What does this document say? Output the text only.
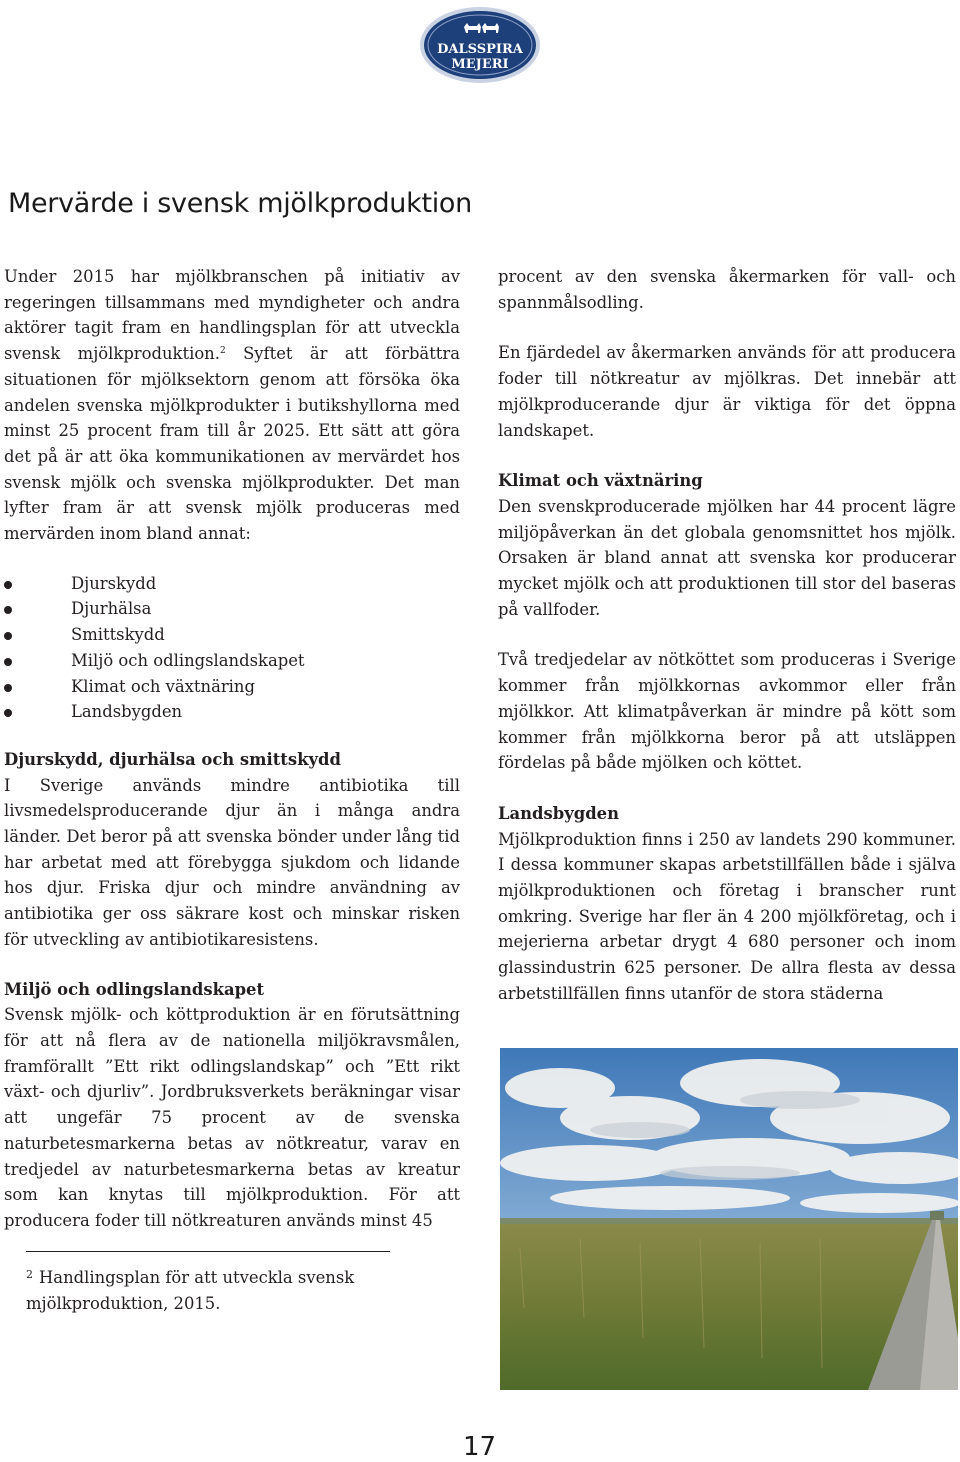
DALSSPIRA
MEJERI
Mervärde i svensk mjölkproduktion

Under 2015 har mjölkbranschen på initiativ av regeringen tillsammans med myndigheter och andra aktörer tagit fram en handlingsplan för att utveckla svensk mjölkproduktion.$^2$ Syftet är att förbättra situationen för mjölksektorn genom att försöka öka andelen svenska mjölkprodukter i butikshyllorna med minst 25 procent fram till år 2025. Ett sätt att göra det på är att öka kommunikationen av mervärdet hos svensk mjölk och svenska mjölkprodukter. Det man lyfter fram är att svensk mjölk produceras med mervärden inom bland annat:

Djurskydd
Djurhälsa
Smittskydd
Miljö och odlingslandskapet
Klimat och växtnäring
Landsbygden
Djurskydd, djurhälsa och smittskydd

I Sverige används mindre antibiotika till livsmedelsproducerande djur än i många andra länder. Det beror på att svenska bönder under lång tid har arbetat med att förebygga sjukdom och lidande hos djur. Friska djur och mindre användning av antibiotika ger oss säkrare kost och minskar risken för utveckling av antibiotikaresistens.

Miljö och odlingslandskapet

Svensk mjölk- och köttproduktion är en förutsättning för att nå flera av de nationella miljökravsmålen, framförallt ”Ett rikt odlingslandskap” och ”Ett rikt växt- och djurliv”. Jordbruksverkets beräkningar visar att ungefär 75 procent av de svenska naturbetesmarkerna betas av nötkreatur, varav en tredjedel av naturbetesmarkerna betas av kreatur som kan knytas till mjölkproduktion. För att producera foder till nötkreaturen används minst 45

$^2$ Handlingsplan för att utveckla svensk mjölkproduktion, 2015.

procent av den svenska åkermarken för vall- och spannmålsodling.

En fjärdedel av åkermarken används för att producera foder till nötkreatur av mjölkras. Det innebär att mjölkproducerande djur är viktiga för det öppna landskapet.

Klimat och växtnäring

Den svenskproducerade mjölken har 44 procent lägre miljöpåverkan än det globala genomsnittet hos mjölk. Orsaken är bland annat att svenska kor producerar mycket mjölk och att produktionen till stor del baseras på vallfoder.

Två tredjedelar av nötköttet som produceras i Sverige kommer från mjölkkornas avkommor eller från mjölkkor. Att klimatpåverkan är mindre på kött som kommer från mjölkkorna beror på att utsläppen fördelas på både mjölken och köttet.

Landsbygden

Mjölkproduktion finns i 250 av landets 290 kommuner. I dessa kommuner skapas arbetstillfällen både i själva mjölkproduktionen och företag i branscher runt omkring. Sverige har fler än 4 200 mjölkföretag, och i mejerierna arbetar drygt 4 680 personer och inom glassindustrin 625 personer. De allra flesta av dessa arbetstillfällen finns utanför de stora städerna

17
